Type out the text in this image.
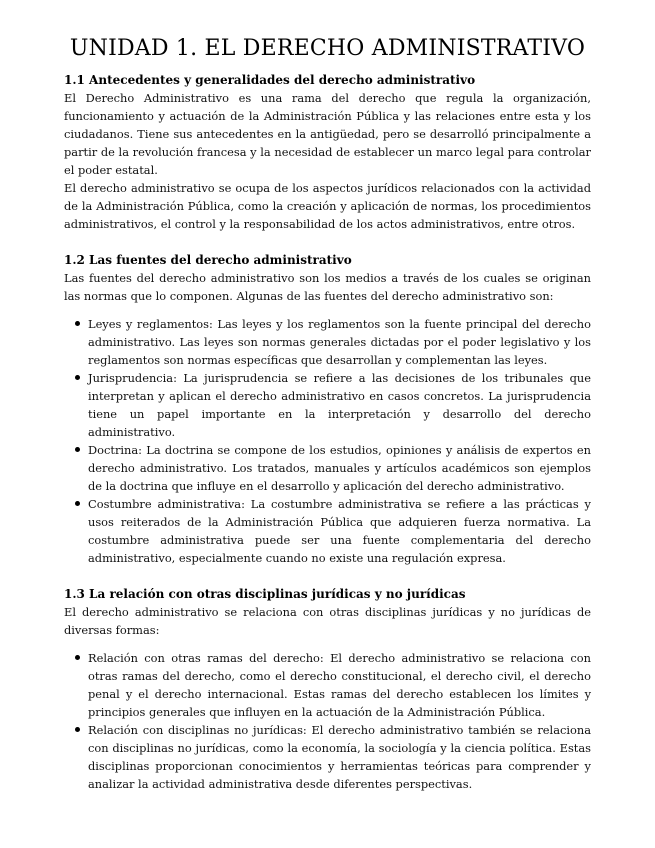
UNIDAD 1. EL DERECHO ADMINISTRATIVO
1.1 Antecedentes y generalidades del derecho administrativo

El Derecho Administrativo es una rama del derecho que regula la organización, funcionamiento y actuación de la Administración Pública y las relaciones entre esta y los ciudadanos. Tiene sus antecedentes en la antigüedad, pero se desarrolló principalmente a partir de la revolución francesa y la necesidad de establecer un marco legal para controlar el poder estatal.

El derecho administrativo se ocupa de los aspectos jurídicos relacionados con la actividad de la Administración Pública, como la creación y aplicación de normas, los procedimientos administrativos, el control y la responsabilidad de los actos administrativos, entre otros.

1.2 Las fuentes del derecho administrativo

Las fuentes del derecho administrativo son los medios a través de los cuales se originan las normas que lo componen. Algunas de las fuentes del derecho administrativo son:

Leyes y reglamentos: Las leyes y los reglamentos son la fuente principal del derecho administrativo. Las leyes son normas generales dictadas por el poder legislativo y los reglamentos son normas específicas que desarrollan y complementan las leyes.
Jurisprudencia: La jurisprudencia se refiere a las decisiones de los tribunales que interpretan y aplican el derecho administrativo en casos concretos. La jurisprudencia tiene un papel importante en la interpretación y desarrollo del derecho administrativo.
Doctrina: La doctrina se compone de los estudios, opiniones y análisis de expertos en derecho administrativo. Los tratados, manuales y artículos académicos son ejemplos de la doctrina que influye en el desarrollo y aplicación del derecho administrativo.
Costumbre administrativa: La costumbre administrativa se refiere a las prácticas y usos reiterados de la Administración Pública que adquieren fuerza normativa. La costumbre administrativa puede ser una fuente complementaria del derecho administrativo, especialmente cuando no existe una regulación expresa.
1.3 La relación con otras disciplinas jurídicas y no jurídicas

El derecho administrativo se relaciona con otras disciplinas jurídicas y no jurídicas de diversas formas:

Relación con otras ramas del derecho: El derecho administrativo se relaciona con otras ramas del derecho, como el derecho constitucional, el derecho civil, el derecho penal y el derecho internacional. Estas ramas del derecho establecen los límites y principios generales que influyen en la actuación de la Administración Pública.
Relación con disciplinas no jurídicas: El derecho administrativo también se relaciona con disciplinas no jurídicas, como la economía, la sociología y la ciencia política. Estas disciplinas proporcionan conocimientos y herramientas teóricas para comprender y analizar la actividad administrativa desde diferentes perspectivas.
